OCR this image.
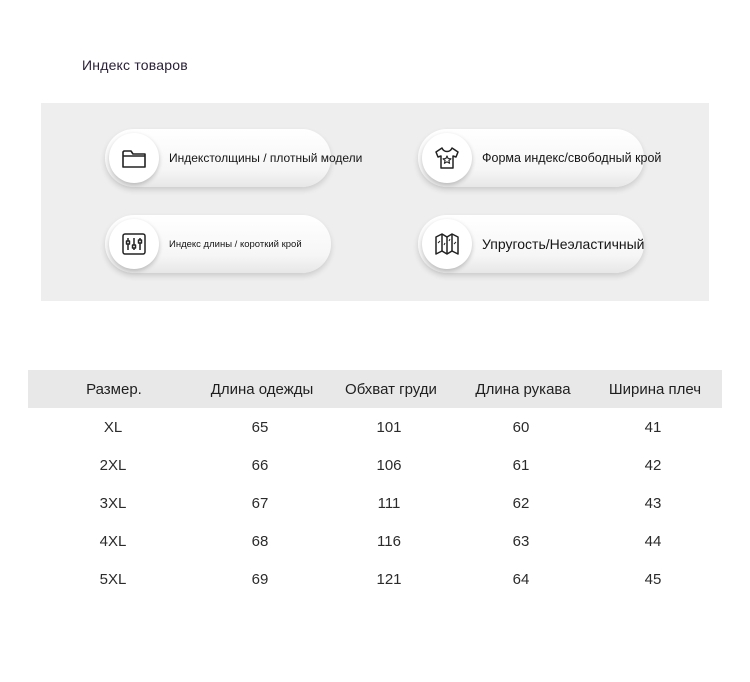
Индекс товаров
Индекстолщины / плотный модели	Форма индекс/свободный крой
Индекс длины / короткий крой	Упругость/Неэластичный
Размер.	Длина одежды	Обхват груди	Длина рукава	Ширина плеч
XL	65	101	60	41
2XL	66	106	61	42
3XL	67	111	62	43
4XL	68	116	63	44
5XL	69	121	64	45
